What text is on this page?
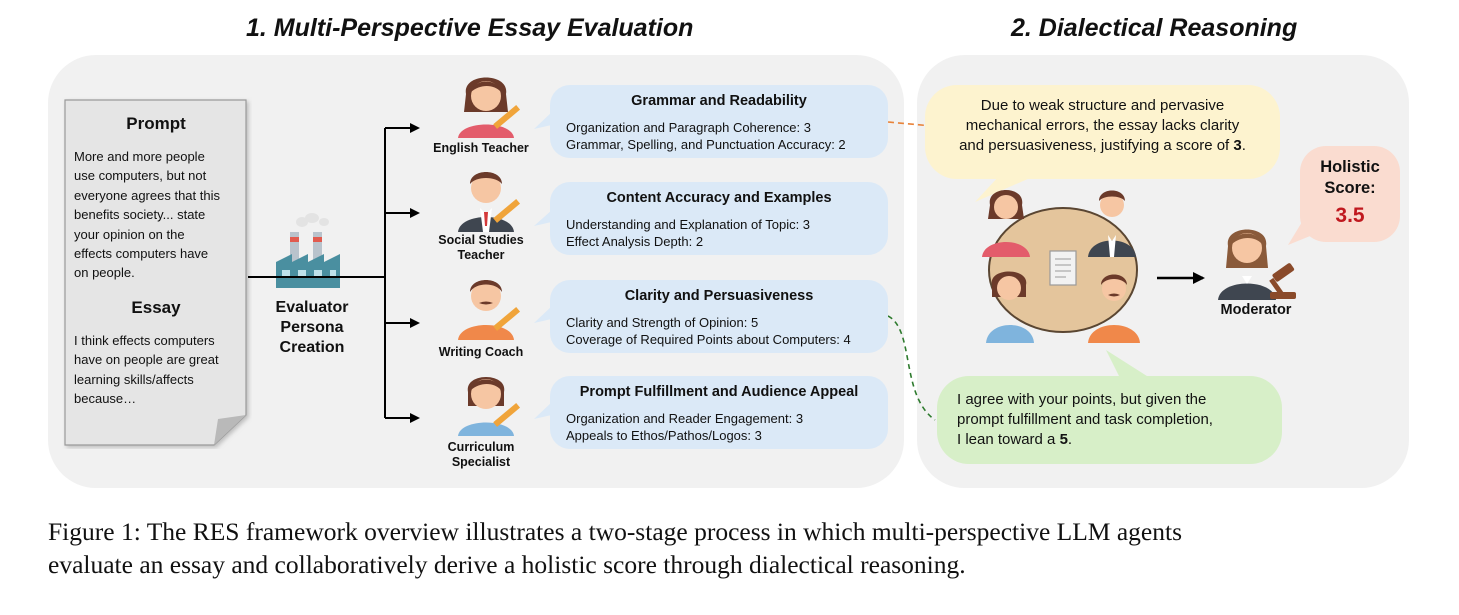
1. Multi-Perspective Essay Evaluation	2. Dialectical Reasoning
Prompt
More and more people
use computers, but not
everyone agrees that this
benefits society... state
your opinion on the
effects computers have
on people.
Essay
I think effects computers
have on people are great
learning skills/affects
because…
Evaluator
Persona
Creation
English Teacher
Social Studies
Teacher
Writing Coach
Curriculum
Specialist
Grammar and Readability
Organization and Paragraph Coherence: 3
Grammar, Spelling, and Punctuation Accuracy: 2
Content Accuracy and Examples
Understanding and Explanation of Topic: 3
Effect Analysis Depth: 2
Clarity and Persuasiveness
Clarity and Strength of Opinion: 5
Coverage of Required Points about Computers: 4
Prompt Fulfillment and Audience Appeal
Organization and Reader Engagement: 3
Appeals to Ethos/Pathos/Logos: 3
Due to weak structure and pervasive
mechanical errors, the essay lacks clarity
and persuasiveness, justifying a score of 3.
I agree with your points, but given the
prompt fulfillment and task completion,
I lean toward a 5.
Moderator
Holistic
Score:
3.5
Figure 1: The RES framework overview illustrates a two-stage process in which multi-perspective LLM agents
evaluate an essay and collaboratively derive a holistic score through dialectical reasoning.
